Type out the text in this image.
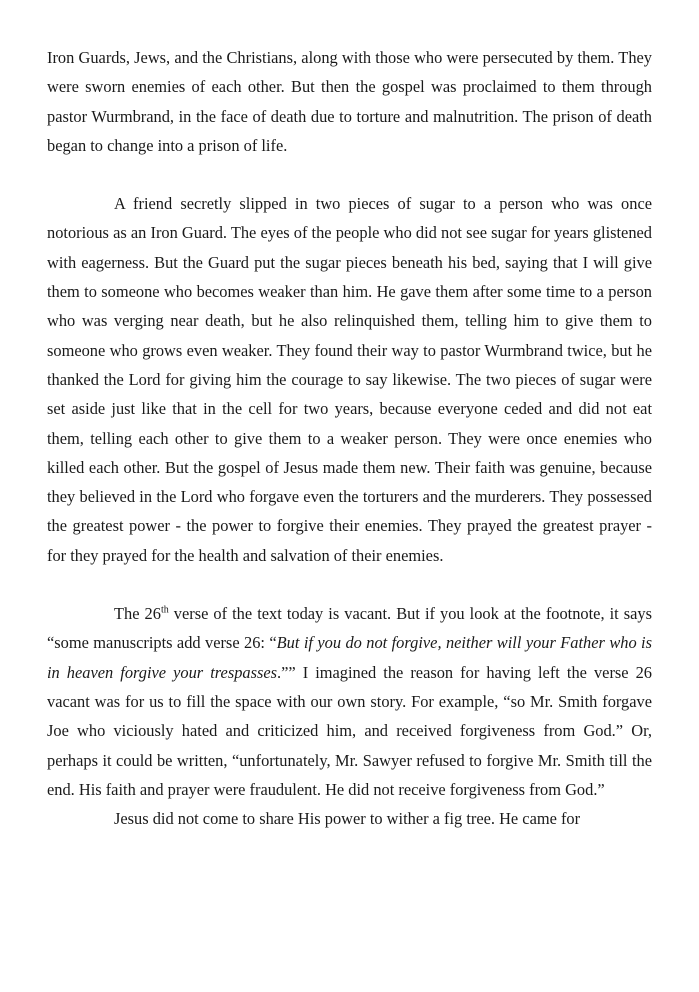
Iron Guards, Jews, and the Christians, along with those who were persecuted by them. They were sworn enemies of each other. But then the gospel was proclaimed to them through pastor Wurmbrand, in the face of death due to torture and malnutrition. The prison of death began to change into a prison of life.

A friend secretly slipped in two pieces of sugar to a person who was once notorious as an Iron Guard. The eyes of the people who did not see sugar for years glistened with eagerness. But the Guard put the sugar pieces beneath his bed, saying that I will give them to someone who becomes weaker than him. He gave them after some time to a person who was verging near death, but he also relinquished them, telling him to give them to someone who grows even weaker. They found their way to pastor Wurmbrand twice, but he thanked the Lord for giving him the courage to say likewise. The two pieces of sugar were set aside just like that in the cell for two years, because everyone ceded and did not eat them, telling each other to give them to a weaker person. They were once enemies who killed each other. But the gospel of Jesus made them new. Their faith was genuine, because they believed in the Lord who forgave even the torturers and the murderers. They possessed the greatest power - the power to forgive their enemies. They prayed the greatest prayer - for they prayed for the health and salvation of their enemies.

The 26th verse of the text today is vacant. But if you look at the footnote, it says “some manuscripts add verse 26: “But if you do not forgive, neither will your Father who is in heaven forgive your trespasses.”” I imagined the reason for having left the verse 26 vacant was for us to fill the space with our own story. For example, “so Mr. Smith forgave Joe who viciously hated and criticized him, and received forgiveness from God.” Or, perhaps it could be written, “unfortunately, Mr. Sawyer refused to forgive Mr. Smith till the end. His faith and prayer were fraudulent. He did not receive forgiveness from God.”

Jesus did not come to share His power to wither a fig tree. He came for
